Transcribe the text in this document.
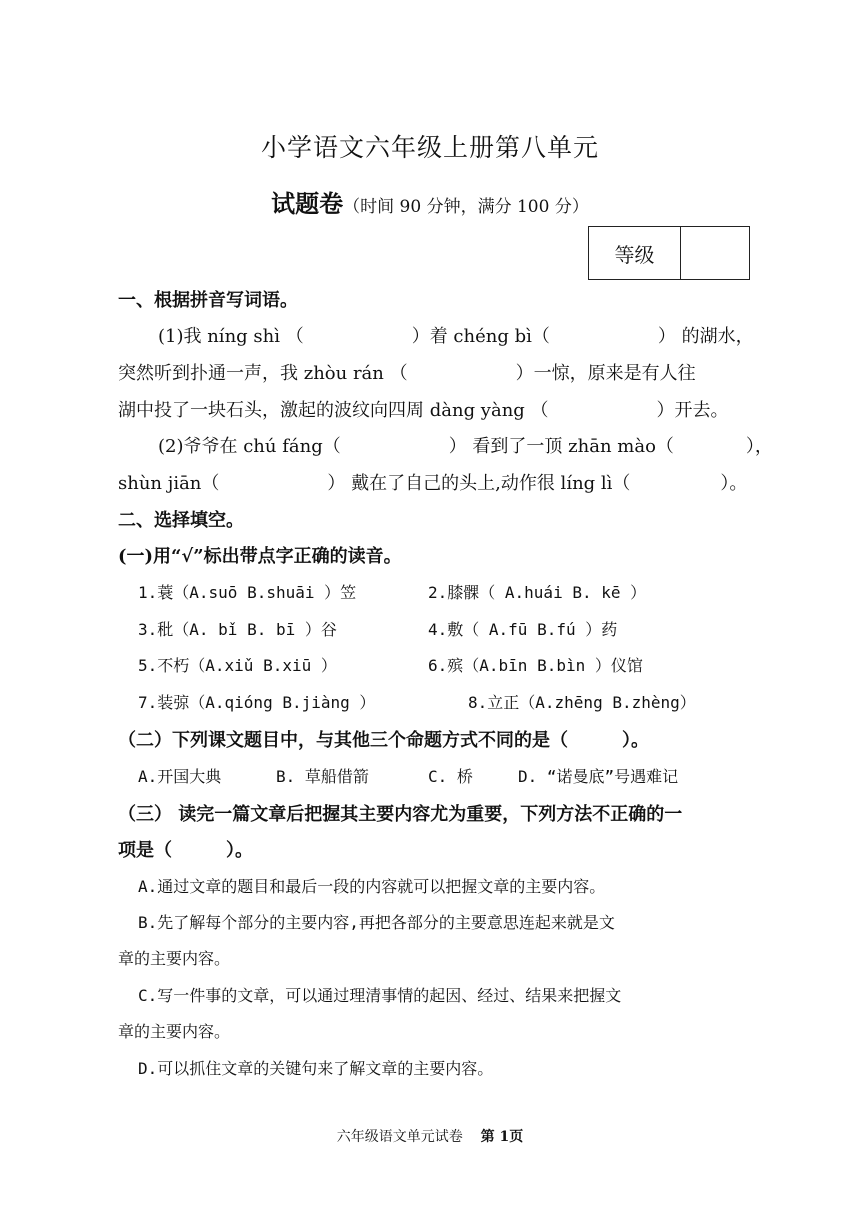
小学语文六年级上册第八单元
试题卷（时间 90 分钟，满分 100 分）
等级
一、根据拼音写词语。
(1)我 níng shì （　　　　　　）着 chéng bì（　　　　　　） 的湖水，
突然听到扑通一声，我 zhòu rán （　　　　　　）一惊，原来是有人往
湖中投了一块石头，激起的波纹向四周 dàng yàng （　　　　　　）开去。
(2)爷爷在 chú fáng（　　　　　　） 看到了一顶 zhān mào（　　　　），
shùn jiān（　　　　　　） 戴在了自己的头上,动作很 líng lì（　　　　　）。
二、选择填空。
(一)用“√”标出带点字正确的读音。
1.蓑（A.suō B.shuāi ）笠	2.膝髁（ A.huái B. kē ）
3.秕（A. bǐ B. bī ）谷	4.敷（ A.fū B.fú ）药
5.不朽（A.xiǔ B.xiū ）	6.殡（A.bīn B.bìn ）仪馆
7.装弶（A.qióng B.jiàng ）	8.立正（A.zhēng B.zhèng）
（二）下列课文题目中，与其他三个命题方式不同的是（　　　）。
A.开国大典	B. 草船借箭	C. 桥	D. “诺曼底”号遇难记
（三） 读完一篇文章后把握其主要内容尤为重要，下列方法不正确的一
项是（　　　）。
A.通过文章的题目和最后一段的内容就可以把握文章的主要内容。
B.先了解每个部分的主要内容,再把各部分的主要意思连起来就是文
章的主要内容。
C.写一件事的文章，可以通过理清事情的起因、经过、结果来把握文
章的主要内容。
D.可以抓住文章的关键句来了解文章的主要内容。
六年级语文单元试卷 第 1页
